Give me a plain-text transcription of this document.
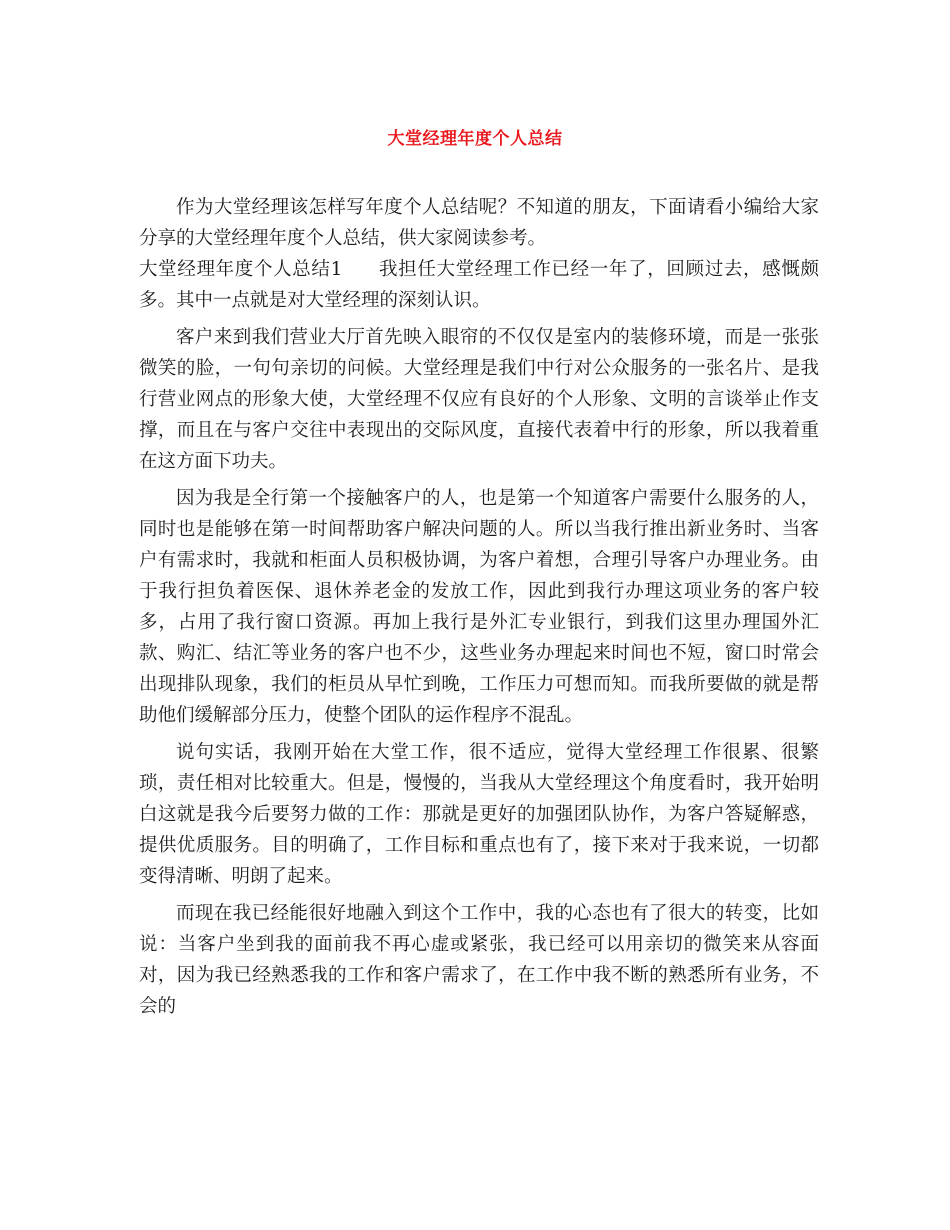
大堂经理年度个人总结

作为大堂经理该怎样写年度个人总结呢？不知道的朋友，下面请看小编给大家分享的大堂经理年度个人总结，供大家阅读参考。

大堂经理年度个人总结1 我担任大堂经理工作已经一年了，回顾过去，感慨颇多。其中一点就是对大堂经理的深刻认识。

客户来到我们营业大厅首先映入眼帘的不仅仅是室内的装修环境，而是一张张微笑的脸，一句句亲切的问候。大堂经理是我们中行对公众服务的一张名片、是我行营业网点的形象大使，大堂经理不仅应有良好的个人形象、文明的言谈举止作支撑，而且在与客户交往中表现出的交际风度，直接代表着中行的形象，所以我着重在这方面下功夫。

因为我是全行第一个接触客户的人，也是第一个知道客户需要什么服务的人，同时也是能够在第一时间帮助客户解决问题的人。所以当我行推出新业务时、当客户有需求时，我就和柜面人员积极协调，为客户着想，合理引导客户办理业务。由于我行担负着医保、退休养老金的发放工作，因此到我行办理这项业务的客户较多，占用了我行窗口资源。再加上我行是外汇专业银行，到我们这里办理国外汇款、购汇、结汇等业务的客户也不少，这些业务办理起来时间也不短，窗口时常会出现排队现象，我们的柜员从早忙到晚，工作压力可想而知。而我所要做的就是帮助他们缓解部分压力，使整个团队的运作程序不混乱。

说句实话，我刚开始在大堂工作，很不适应，觉得大堂经理工作很累、很繁琐，责任相对比较重大。但是，慢慢的，当我从大堂经理这个角度看时，我开始明白这就是我今后要努力做的工作：那就是更好的加强团队协作，为客户答疑解惑，提供优质服务。目的明确了，工作目标和重点也有了，接下来对于我来说，一切都变得清晰、明朗了起来。

而现在我已经能很好地融入到这个工作中，我的心态也有了很大的转变，比如说：当客户坐到我的面前我不再心虚或紧张，我已经可以用亲切的微笑来从容面对，因为我已经熟悉我的工作和客户需求了，在工作中我不断的熟悉所有业务，不会的
